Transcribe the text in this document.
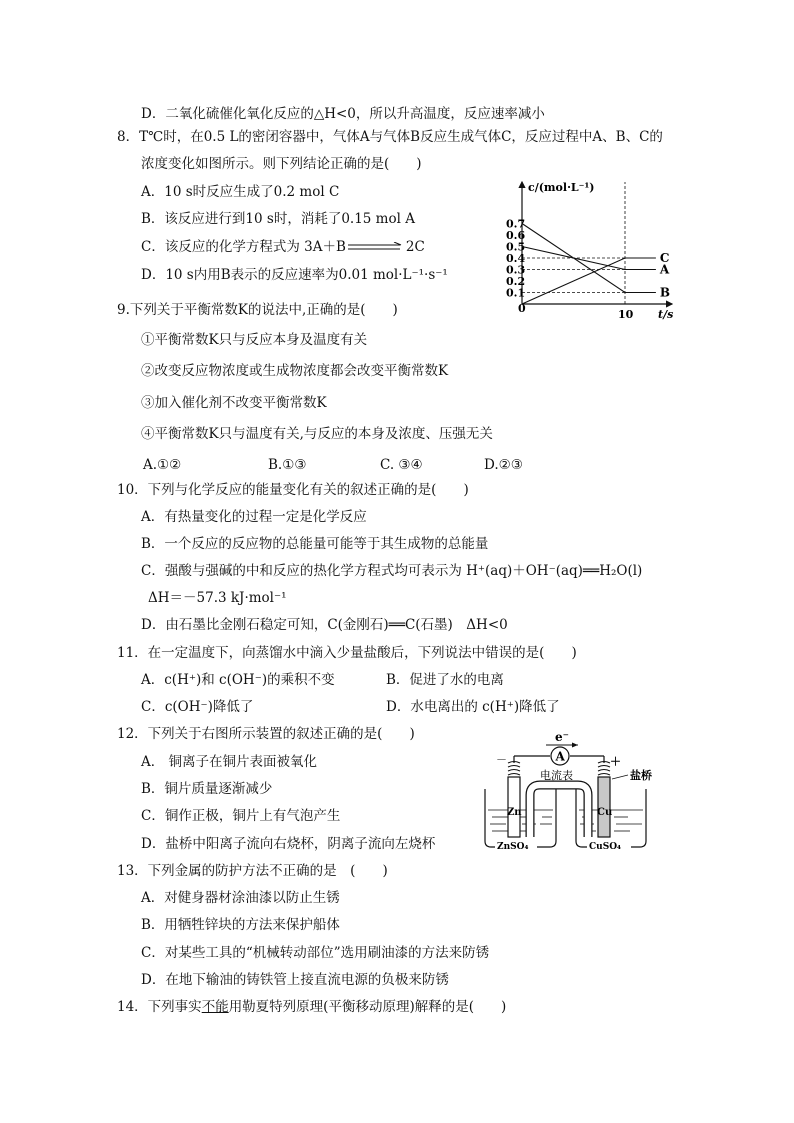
D．二氧化硫催化氧化反应的△H<0，所以升高温度，反应速率减小
8．T℃时，在0.5 L的密闭容器中，气体A与气体B反应生成气体C，反应过程中A、B、C的
浓度变化如图所示。则下列结论正确的是(　　)
A．10 s时反应生成了0.2 mol C
B．该反应进行到10 s时，消耗了0.15 mol A
C．该反应的化学方程式为 3A＋B	2C
D．10 s内用B表示的反应速率为0.01 mol·L⁻¹·s⁻¹
c/(mol·L⁻¹)
t/s
0
0.7
0.6
0.5
0.4
0.3
0.2
0.1
10
C
A
B
9.下列关于平衡常数K的说法中,正确的是(　　)
①平衡常数K只与反应本身及温度有关
②改变反应物浓度或生成物浓度都会改变平衡常数K
③加入催化剂不改变平衡常数K
④平衡常数K只与温度有关,与反应的本身及浓度、压强无关
A.①②	B.①③	C. ③④	D.②③
10．下列与化学反应的能量变化有关的叙述正确的是(　　)
A．有热量变化的过程一定是化学反应
B．一个反应的反应物的总能量可能等于其生成物的总能量
C．强酸与强碱的中和反应的热化学方程式均可表示为 H⁺(aq)＋OH⁻(aq)══H₂O(l)
ΔH＝－57.3 kJ·mol⁻¹
D．由石墨比金刚石稳定可知，C(金刚石)══C(石墨)　ΔH<0
11．在一定温度下，向蒸馏水中滴入少量盐酸后，下列说法中错误的是(　　)
A．c(H⁺)和 c(OH⁻)的乘积不变	B．促进了水的电离
C．c(OH⁻)降低了	D．水电离出的 c(H⁺)降低了
12．下列关于右图所示装置的叙述正确的是(　　)
A． 铜离子在铜片表面被氧化
B．铜片质量逐渐减少
C．铜作正极，铜片上有气泡产生
D．盐桥中阳离子流向右烧杯，阴离子流向左烧杯
e⁻
A
电流表
－	＋
盐桥
Zn	Cu
ZnSO₄	CuSO₄
13．下列金属的防护方法不正确的是　(　　)
A．对健身器材涂油漆以防止生锈
B．用牺牲锌块的方法来保护船体
C．对某些工具的“机械转动部位”选用刷油漆的方法来防锈
D．在地下输油的铸铁管上接直流电源的负极来防锈
14．下列事实不能用勒夏特列原理(平衡移动原理)解释的是(　　)
